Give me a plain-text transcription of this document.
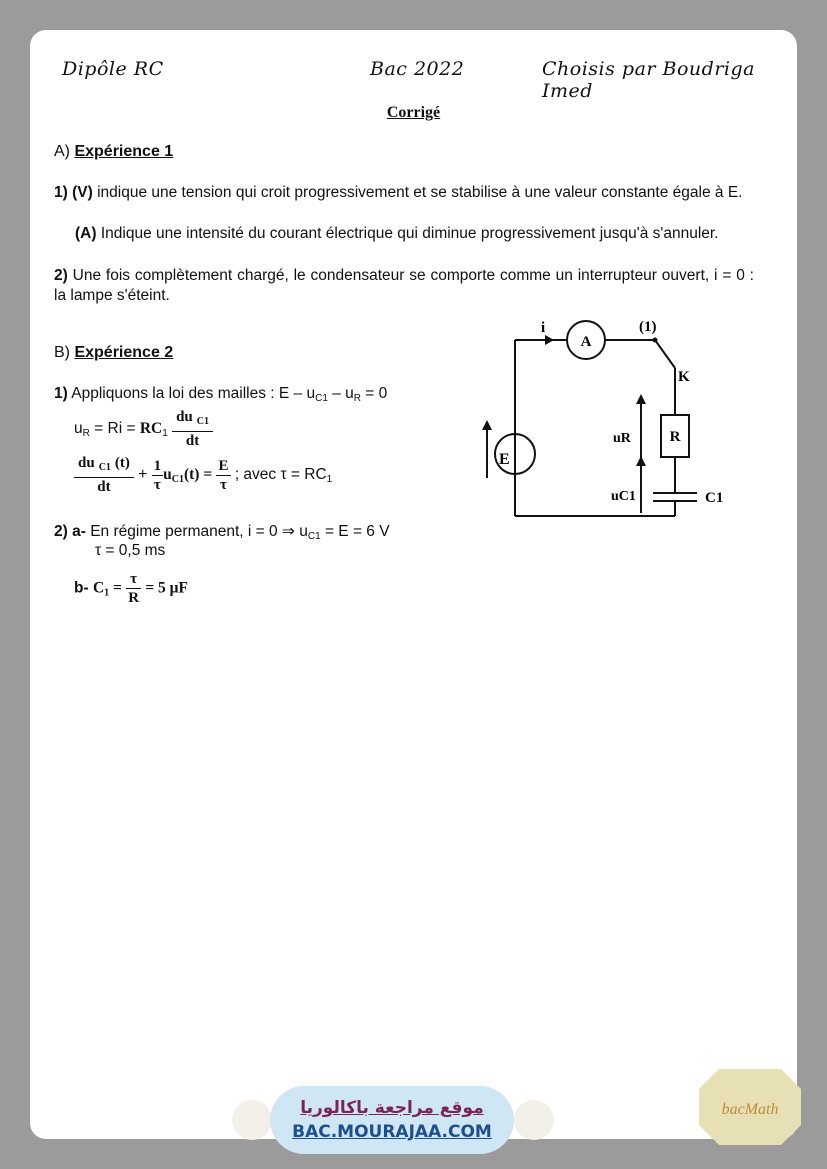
Dipôle RC	Bac 2022	Choisis par Boudriga Imed
Corrigé
A) Expérience 1
1) (V) indique une tension qui croit progressivement et se stabilise à une valeur constante égale à E.
(A) Indique une intensité du courant électrique qui diminue progressivement jusqu'à s'annuler.
2) Une fois complètement chargé, le condensateur se comporte comme un interrupteur ouvert, i = 0 : la lampe s'éteint.
B) Expérience 2
1) Appliquons la loi des mailles : $E - u_{C1} - u_R = 0$
$u_R = Ri = RC_1 \frac{du _{C1}}{dt}$
$\frac{du _{C1} (t)}{dt} + \frac{1}{\tau} u_{C1}(t) = \frac{E}{\tau}$ ; avec $\tau = RC_1$
2) a- En régime permanent, i = 0 ⇒ $u_{C1} = E = 6$ V
τ = 0,5 ms
b- $C_1 = \frac{\tau}{R} = 5$ μF
i
A
(1)
K
E
R
uR
uC1	C1
موقع مراجعة باكالوريا
BAC.MOURAJAA.COM
bacMath
